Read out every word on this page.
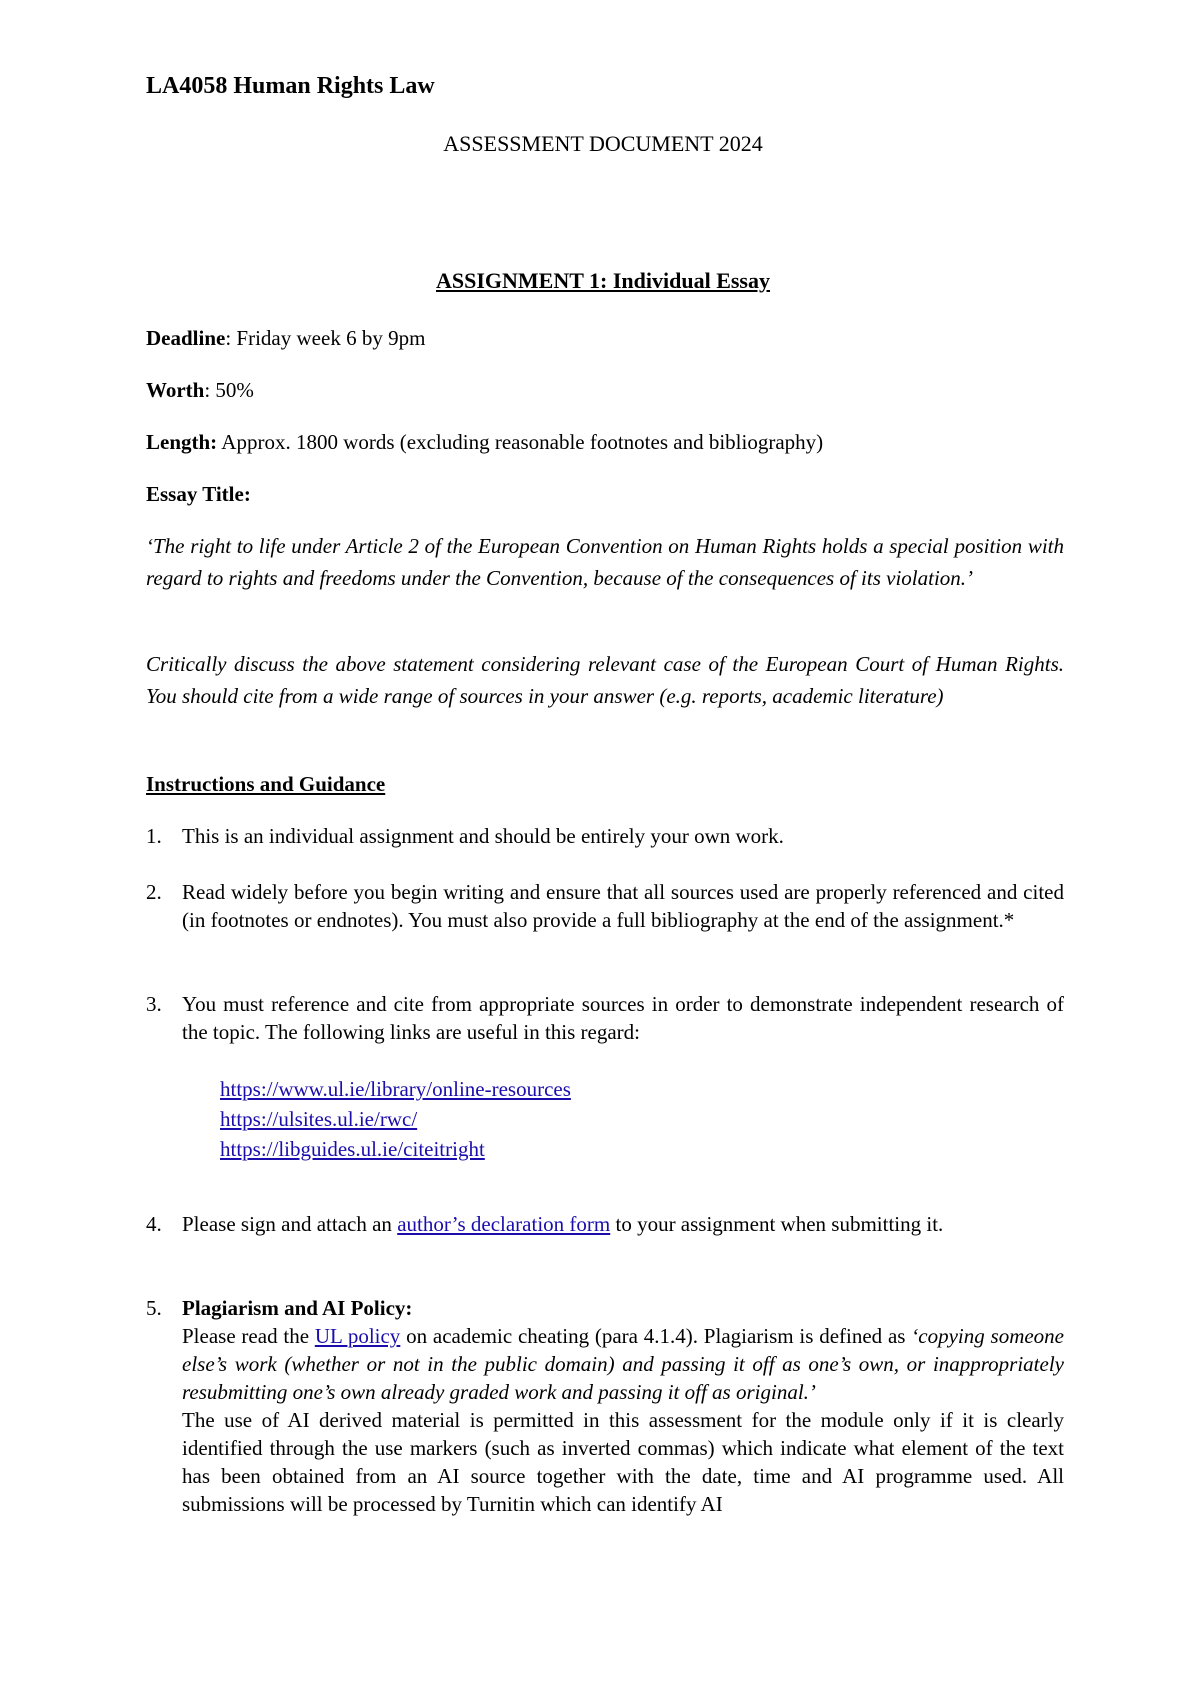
LA4058 Human Rights Law
ASSESSMENT DOCUMENT 2024
ASSIGNMENT 1: Individual Essay
Deadline: Friday week 6 by 9pm
Worth: 50%
Length: Approx. 1800 words (excluding reasonable footnotes and bibliography)
Essay Title:
‘The right to life under Article 2 of the European Convention on Human Rights holds a special position with regard to rights and freedoms under the Convention, because of the consequences of its violation.’
Critically discuss the above statement considering relevant case of the European Court of Human Rights. You should cite from a wide range of sources in your answer (e.g. reports, academic literature)
Instructions and Guidance
1. This is an individual assignment and should be entirely your own work.
2. Read widely before you begin writing and ensure that all sources used are properly referenced and cited (in footnotes or endnotes). You must also provide a full bibliography at the end of the assignment.*
3. You must reference and cite from appropriate sources in order to demonstrate independent research of the topic. The following links are useful in this regard:
https://www.ul.ie/library/online-resources
https://ulsites.ul.ie/rwc/
https://libguides.ul.ie/citeitright
4. Please sign and attach an author’s declaration form to your assignment when submitting it.
5. Plagiarism and AI Policy:
Please read the UL policy on academic cheating (para 4.1.4). Plagiarism is defined as ‘copying someone else’s work (whether or not in the public domain) and passing it off as one’s own, or inappropriately resubmitting one’s own already graded work and passing it off as original.’
The use of AI derived material is permitted in this assessment for the module only if it is clearly identified through the use markers (such as inverted commas) which indicate what element of the text has been obtained from an AI source together with the date, time and AI programme used. All submissions will be processed by Turnitin which can identify AI
